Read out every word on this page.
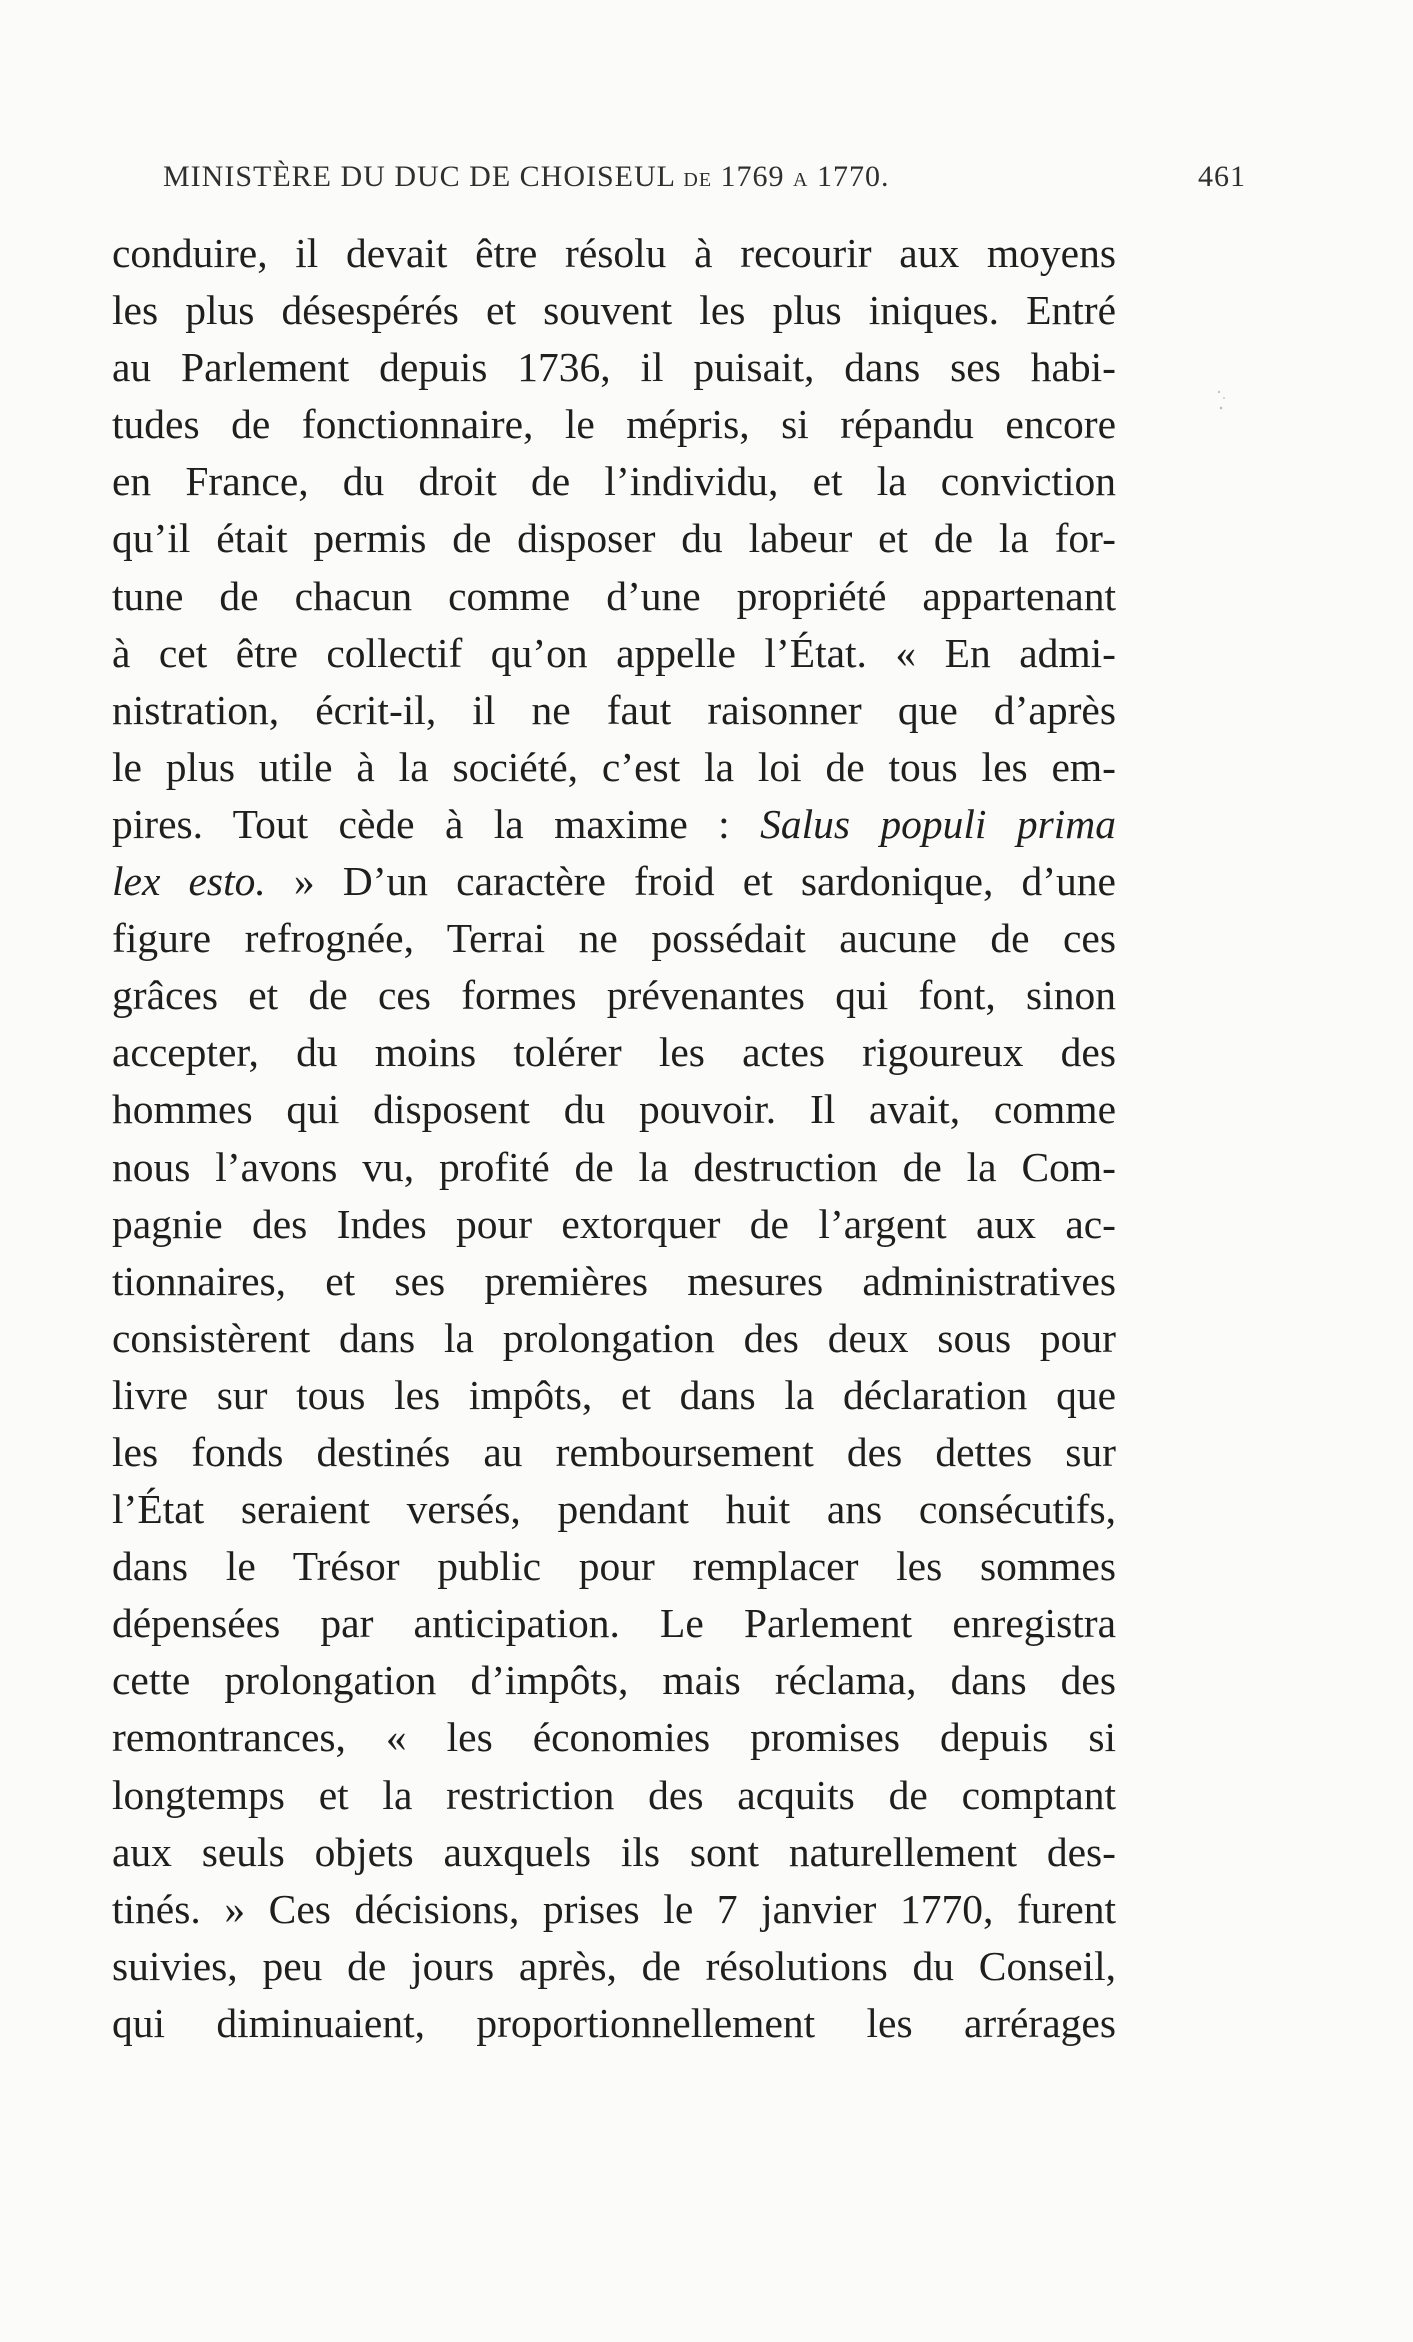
MINISTÈRE DU DUC DE CHOISEUL DE 1769 A 1770.	461
conduire, il devait être résolu à recourir aux moyens
les plus désespérés et souvent les plus iniques. Entré
au Parlement depuis 1736, il puisait, dans ses habi-
tudes de fonctionnaire, le mépris, si répandu encore
en France, du droit de l’individu, et la conviction
qu’il était permis de disposer du labeur et de la for-
tune de chacun comme d’une propriété appartenant
à cet être collectif qu’on appelle l’État. « En admi-
nistration, écrit-il, il ne faut raisonner que d’après
le plus utile à la société, c’est la loi de tous les em-
pires. Tout cède à la maxime : Salus populi prima
lex esto. » D’un caractère froid et sardonique, d’une
figure refrognée, Terrai ne possédait aucune de ces
grâces et de ces formes prévenantes qui font, sinon
accepter, du moins tolérer les actes rigoureux des
hommes qui disposent du pouvoir. Il avait, comme
nous l’avons vu, profité de la destruction de la Com-
pagnie des Indes pour extorquer de l’argent aux ac-
tionnaires, et ses premières mesures administratives
consistèrent dans la prolongation des deux sous pour
livre sur tous les impôts, et dans la déclaration que
les fonds destinés au remboursement des dettes sur
l’État seraient versés, pendant huit ans consécutifs,
dans le Trésor public pour remplacer les sommes
dépensées par anticipation. Le Parlement enregistra
cette prolongation d’impôts, mais réclama, dans des
remontrances, « les économies promises depuis si
longtemps et la restriction des acquits de comptant
aux seuls objets auxquels ils sont naturellement des-
tinés. » Ces décisions, prises le 7 janvier 1770, furent
suivies, peu de jours après, de résolutions du Conseil,
qui diminuaient, proportionnellement les arrérages
